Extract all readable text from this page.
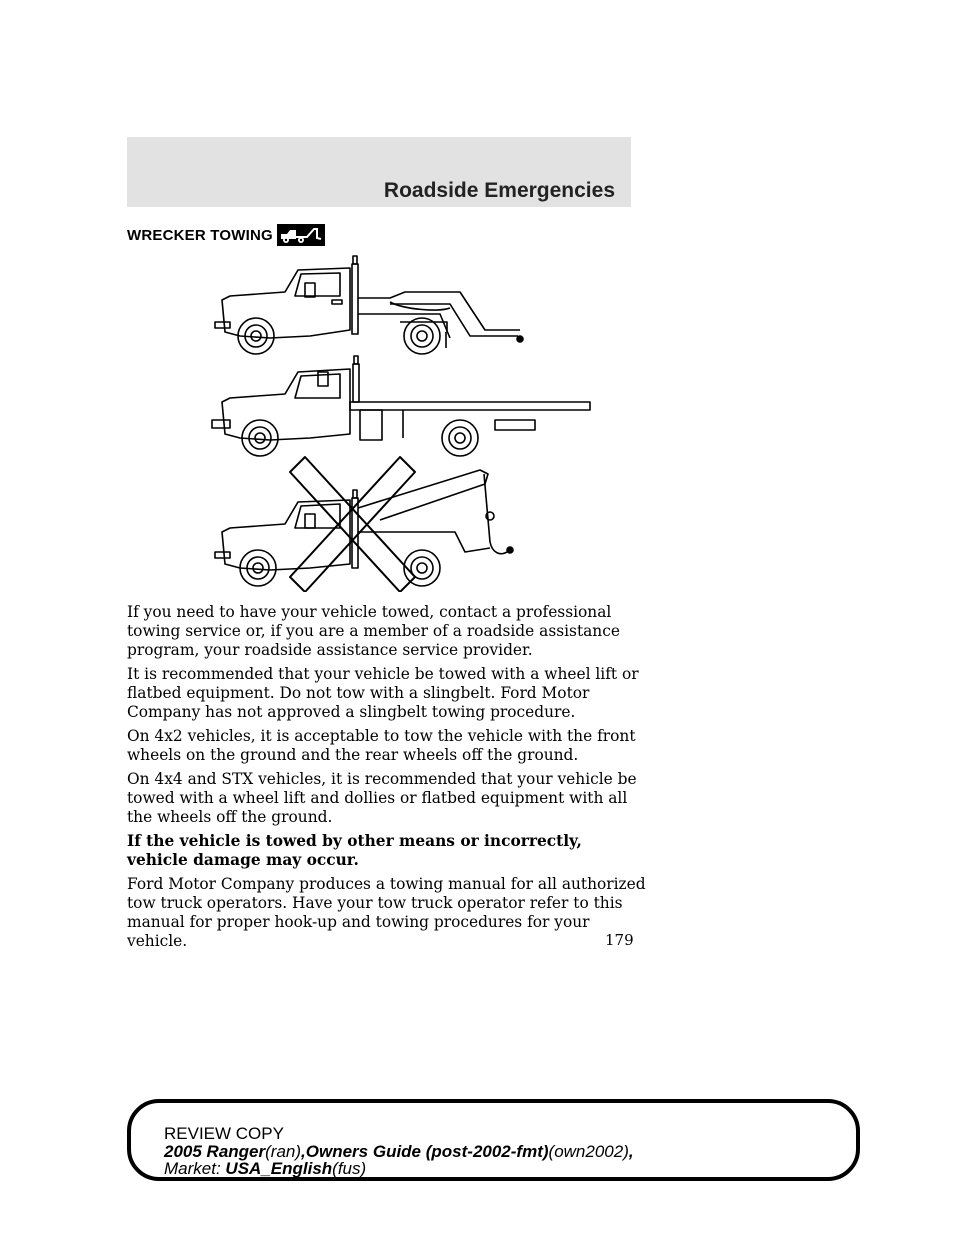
Roadside Emergencies
WRECKER TOWING

If you need to have your vehicle towed, contact a professional towing service or, if you are a member of a roadside assistance program, your roadside assistance service provider.

It is recommended that your vehicle be towed with a wheel lift or flatbed equipment. Do not tow with a slingbelt. Ford Motor Company has not approved a slingbelt towing procedure.

On 4x2 vehicles, it is acceptable to tow the vehicle with the front wheels on the ground and the rear wheels off the ground.

On 4x4 and STX vehicles, it is recommended that your vehicle be towed with a wheel lift and dollies or flatbed equipment with all the wheels off the ground.

If the vehicle is towed by other means or incorrectly, vehicle damage may occur.

Ford Motor Company produces a towing manual for all authorized tow truck operators. Have your tow truck operator refer to this manual for proper hook-up and towing procedures for your vehicle.	179
REVIEW COPY
2005 Ranger(ran),Owners Guide (post-2002-fmt)(own2002),
Market: USA_English(fus)
